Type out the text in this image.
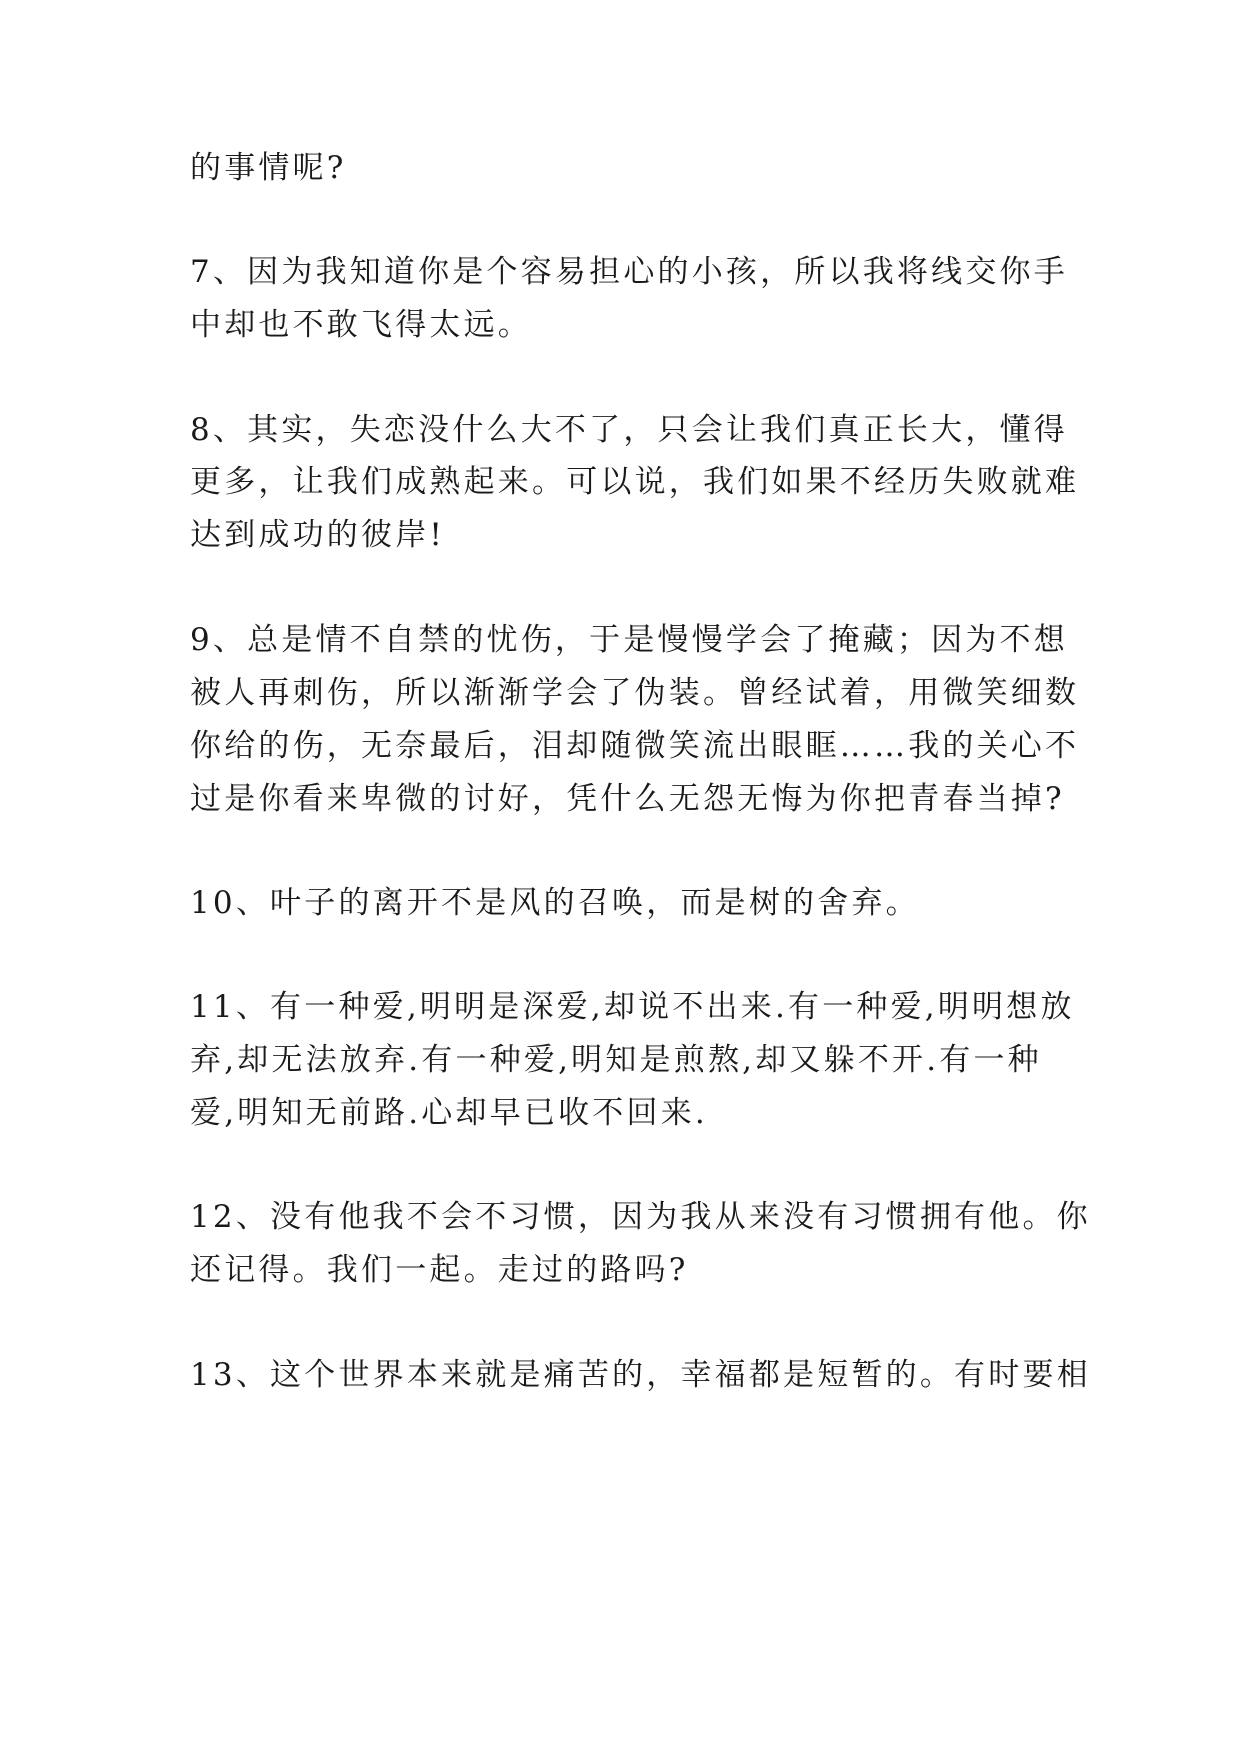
的事情呢?
7、因为我知道你是个容易担心的小孩，所以我将线交你手
中却也不敢飞得太远。
8、其实，失恋没什么大不了，只会让我们真正长大，懂得
更多，让我们成熟起来。可以说，我们如果不经历失败就难
达到成功的彼岸!
9、总是情不自禁的忧伤，于是慢慢学会了掩藏；因为不想
被人再刺伤，所以渐渐学会了伪装。曾经试着，用微笑细数
你给的伤，无奈最后，泪却随微笑流出眼眶……我的关心不
过是你看来卑微的讨好，凭什么无怨无悔为你把青春当掉?
10、叶子的离开不是风的召唤，而是树的舍弃。
11、有一种爱,明明是深爱,却说不出来.有一种爱,明明想放
弃,却无法放弃.有一种爱,明知是煎熬,却又躲不开.有一种
爱,明知无前路.心却早已收不回来.
12、没有他我不会不习惯，因为我从来没有习惯拥有他。你
还记得。我们一起。走过的路吗?
13、这个世界本来就是痛苦的，幸福都是短暂的。有时要相
